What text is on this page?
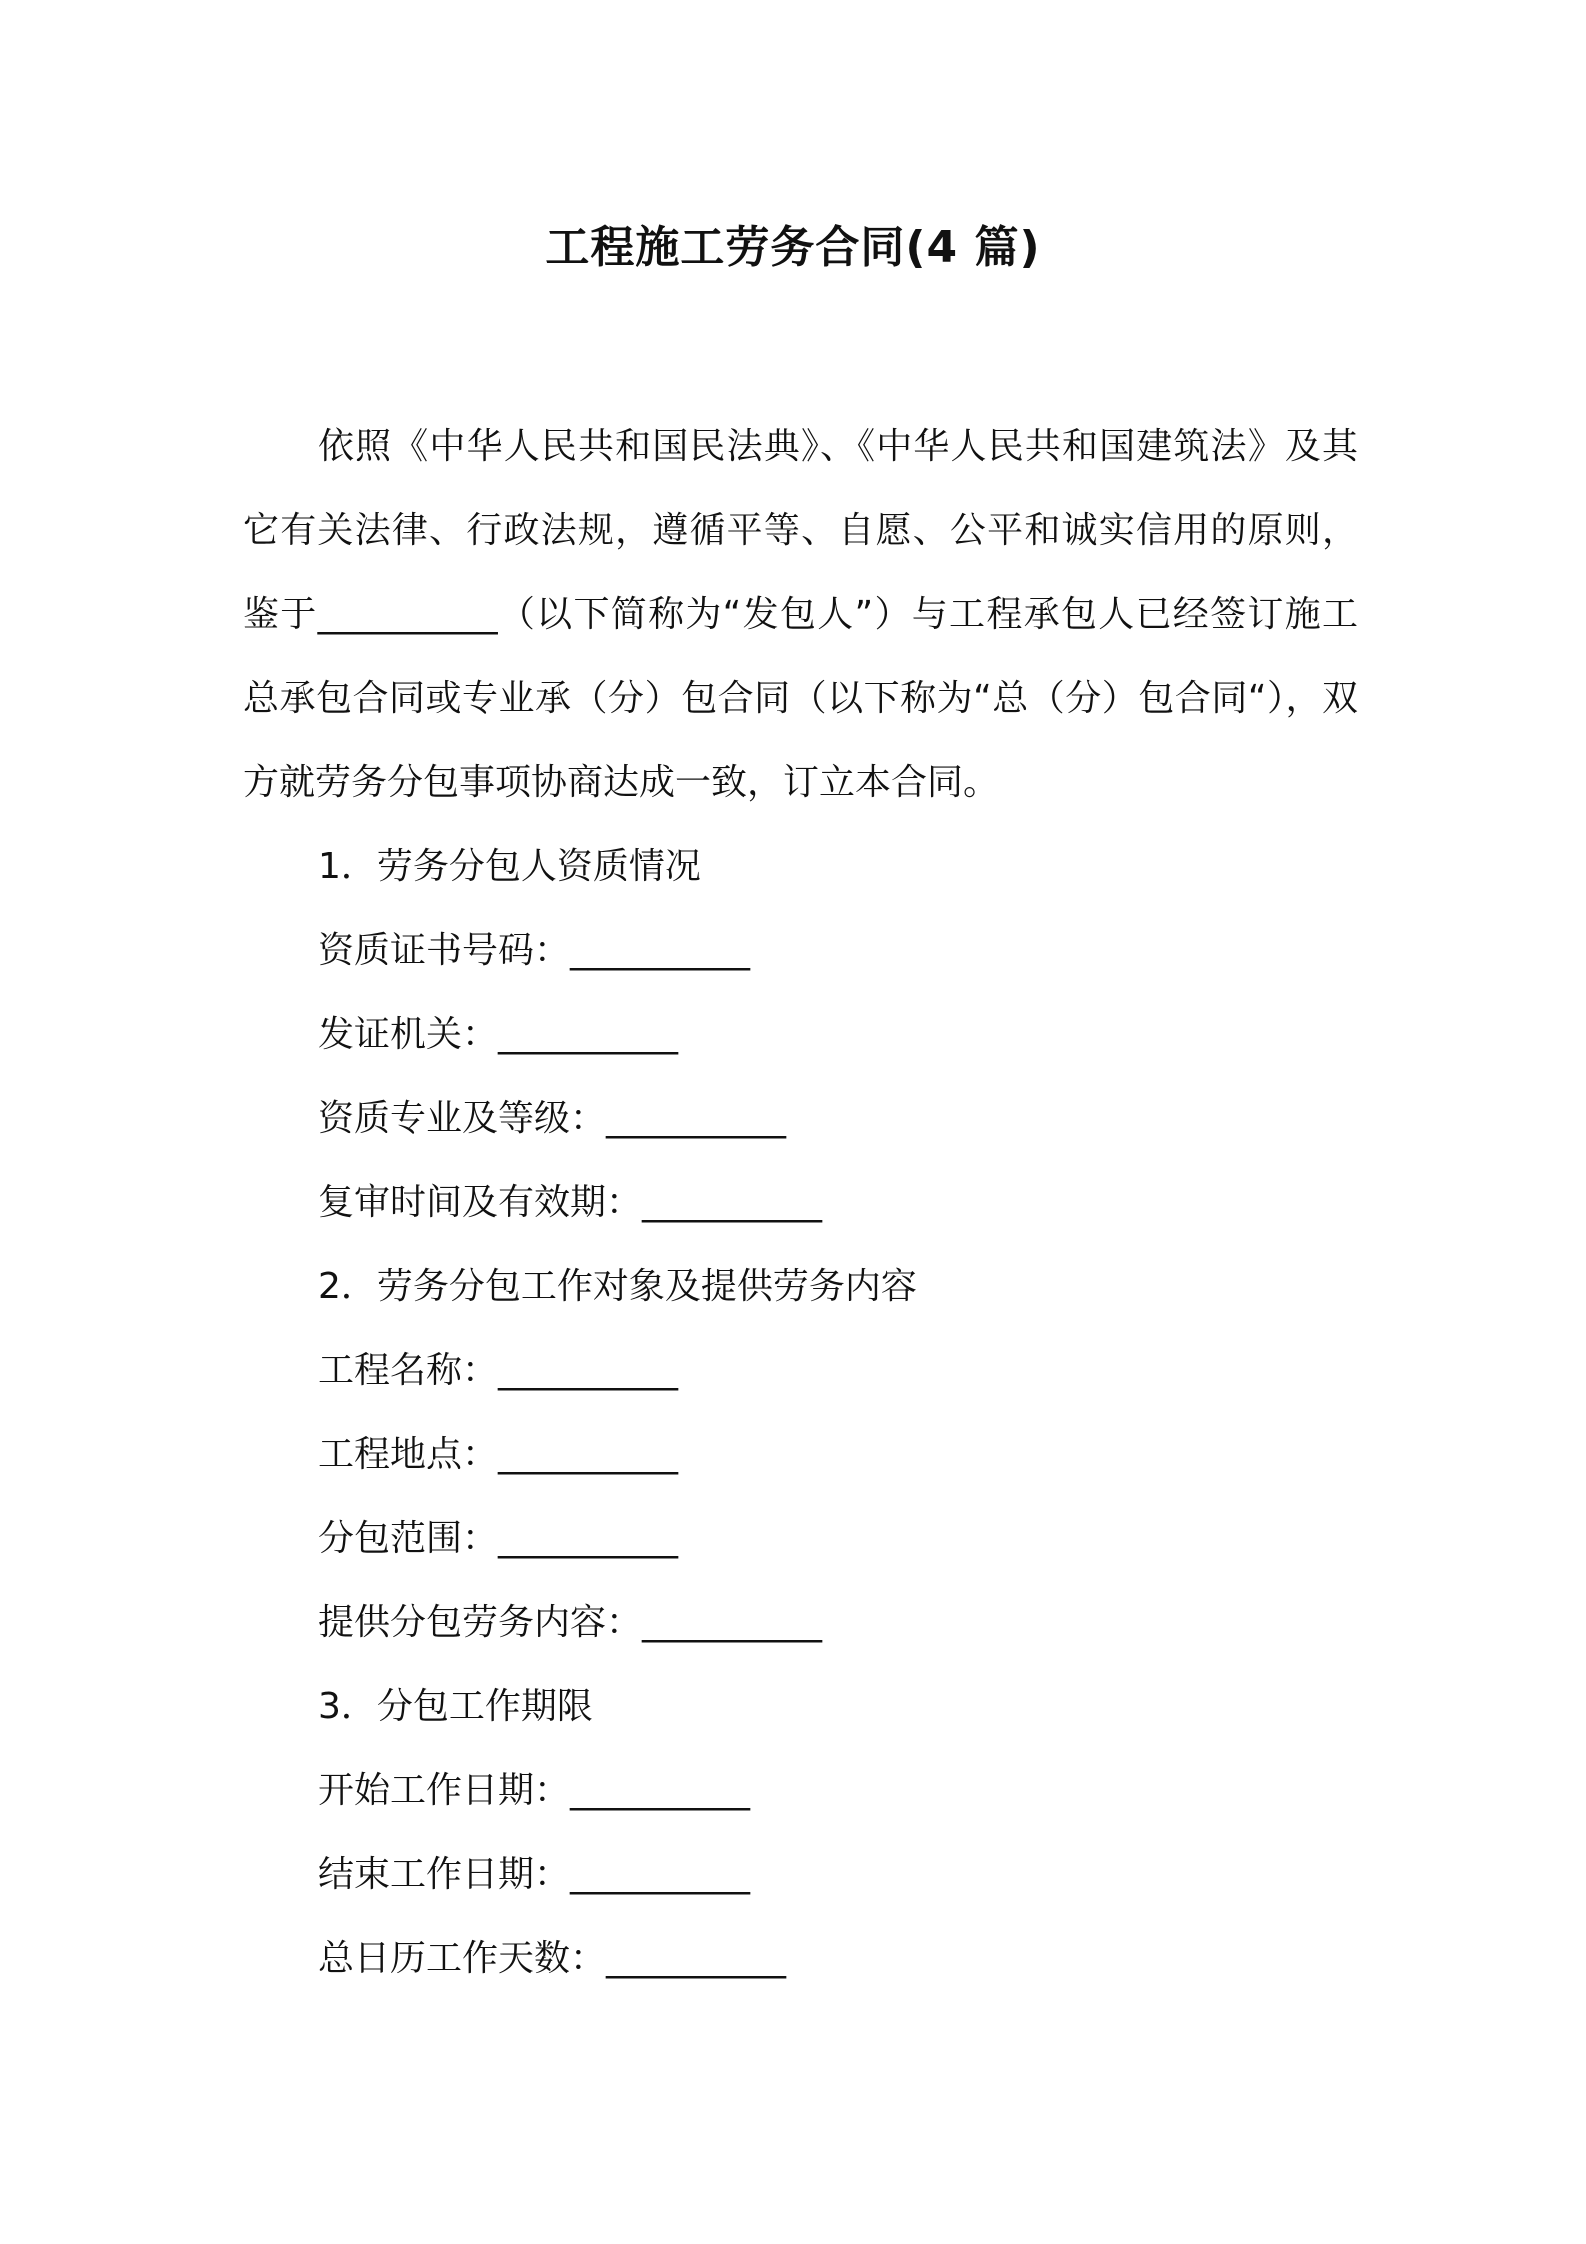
工程施工劳务合同(4 篇)

依照《中华人民共和国民法典》、《中华人民共和国建筑法》及其它有关法律、行政法规，遵循平等、自愿、公平和诚实信用的原则，鉴于__________（以下简称为“发包人”）与工程承包人已经签订施工总承包合同或专业承（分）包合同（以下称为“总（分）包合同“），双方就劳务分包事项协商达成一致，订立本合同。

1．劳务分包人资质情况

资质证书号码：__________

发证机关：__________

资质专业及等级：__________

复审时间及有效期：__________

2．劳务分包工作对象及提供劳务内容

工程名称：__________

工程地点：__________

分包范围：__________

提供分包劳务内容：__________

3．分包工作期限

开始工作日期：__________

结束工作日期：__________

总日历工作天数：__________
